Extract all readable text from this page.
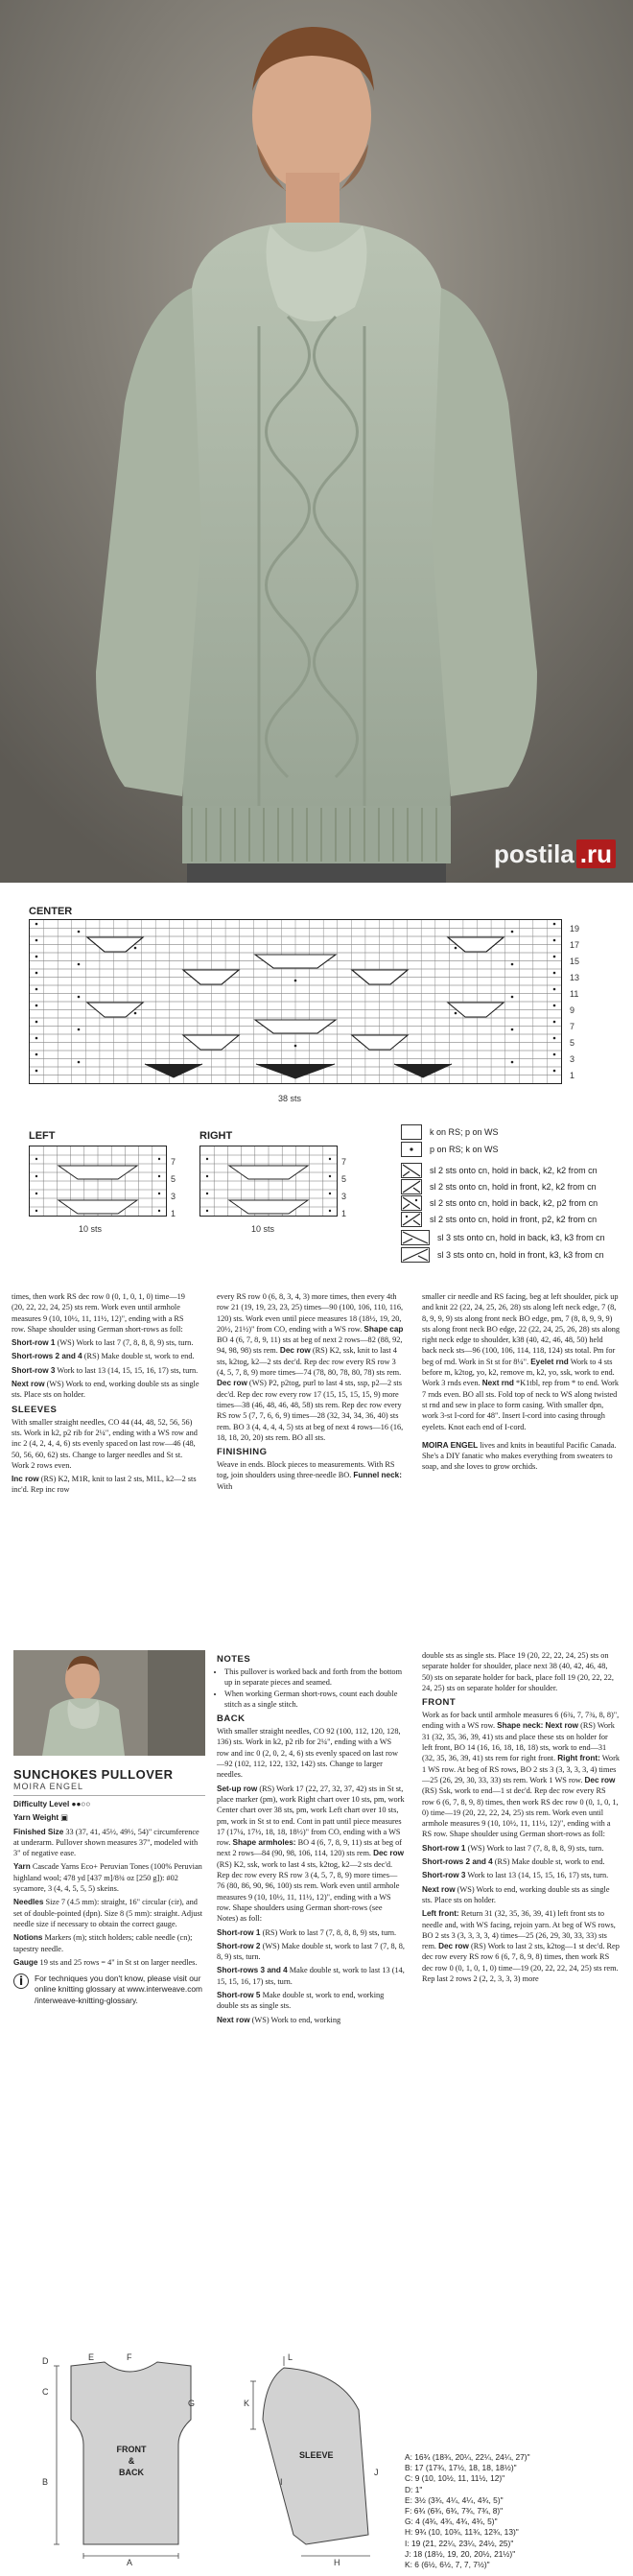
postila .ru
CENTER
19
17
15
13
11
9
7
5
3
1
38 sts
LEFT	RIGHT
7
5
3
1
7
5
3
1
10 sts	10 sts
k on RS; p on WS
p on RS; k on WS
sl 2 sts onto cn, hold in back, k2, k2 from cn
sl 2 sts onto cn, hold in front, k2, k2 from cn
sl 2 sts onto cn, hold in back, k2, p2 from cn
sl 2 sts onto cn, hold in front, p2, k2 from cn
sl 3 sts onto cn, hold in back, k3, k3 from cn
sl 3 sts onto cn, hold in front, k3, k3 from cn

times, then work RS dec row 0 (0, 1, 0, 1, 0) time—19 (20, 22, 22, 24, 25) sts rem. Work even until armhole measures 9 (10, 10½, 11, 11½, 12)", ending with a RS row. Shape shoulder using German short-rows as foll:

Short-row 1 (WS) Work to last 7 (7, 8, 8, 8, 9) sts, turn.

Short-rows 2 and 4 (RS) Make double st, work to end.

Short-row 3 Work to last 13 (14, 15, 15, 16, 17) sts, turn.

Next row (WS) Work to end, working double sts as single sts. Place sts on holder.

SLEEVES

With smaller straight needles, CO 44 (44, 48, 52, 56, 56) sts. Work in k2, p2 rib for 2¼", ending with a WS row and inc 2 (4, 2, 4, 4, 6) sts evenly spaced on last row—46 (48, 50, 56, 60, 62) sts. Change to larger needles and St st. Work 2 rows even.

Inc row (RS) K2, M1R, knit to last 2 sts, M1L, k2—2 sts inc'd. Rep inc row

every RS row 0 (6, 8, 3, 4, 3) more times, then every 4th row 21 (19, 19, 23, 23, 25) times—90 (100, 106, 110, 116, 120) sts. Work even until piece measures 18 (18½, 19, 20, 20½, 21½)" from CO, ending with a WS row. Shape cap BO 4 (6, 7, 8, 9, 11) sts at beg of next 2 rows—82 (88, 92, 94, 98, 98) sts rem. Dec row (RS) K2, ssk, knit to last 4 sts, k2tog, k2—2 sts dec'd. Rep dec row every RS row 3 (4, 5, 7, 8, 9) more times—74 (78, 80, 78, 80, 78) sts rem. Dec row (WS) P2, p2tog, purl to last 4 sts, ssp, p2—2 sts dec'd. Rep dec row every row 17 (15, 15, 15, 15, 9) more times—38 (46, 48, 46, 48, 58) sts rem. Rep dec row every RS row 5 (7, 7, 6, 6, 9) times—28 (32, 34, 34, 36, 40) sts rem. BO 3 (4, 4, 4, 4, 5) sts at beg of next 4 rows—16 (16, 18, 18, 20, 20) sts rem. BO all sts.

FINISHING

Weave in ends. Block pieces to measurements. With RS tog, join shoulders using three-needle BO. Funnel neck: With

smaller cir needle and RS facing, beg at left shoulder, pick up and knit 22 (22, 24, 25, 26, 28) sts along left neck edge, 7 (8, 8, 9, 9, 9) sts along front neck BO edge, pm, 7 (8, 8, 9, 9, 9) sts along front neck BO edge, 22 (22, 24, 25, 26, 28) sts along right neck edge to shoulder, k38 (40, 42, 46, 48, 50) held back neck sts—96 (100, 106, 114, 118, 124) sts total. Pm for beg of rnd. Work in St st for 8¼". Eyelet rnd Work to 4 sts before m, k2tog, yo, k2, remove m, k2, yo, ssk, work to end. Work 3 rnds even. Next rnd *K1tbl, rep from * to end. Work 7 rnds even. BO all sts. Fold top of neck to WS along twisted st rnd and sew in place to form casing. With smaller dpn, work 3-st I-cord for 48". Insert I-cord into casing through eyelets. Knot each end of I-cord.

MOIRA ENGEL lives and knits in beautiful Pacific Canada. She's a DIY fanatic who makes everything from sweaters to soap, and she loves to grow orchids.

SUNCHOKES PULLOVER
MOIRA ENGEL

Difficulty Level ●●○○

Yarn Weight ▣

Finished Size 33 (37, 41, 45½, 49½, 54)" circumference at underarm. Pullover shown measures 37", modeled with 3" of negative ease.

Yarn Cascade Yarns Eco+ Peruvian Tones (100% Peruvian highland wool; 478 yd [437 m]/8¾ oz [250 g]): #02 sycamore, 3 (4, 4, 5, 5, 5) skeins.

Needles Size 7 (4.5 mm): straight, 16" circular (cir), and set of double-pointed (dpn). Size 8 (5 mm): straight. Adjust needle size if necessary to obtain the correct gauge.

Notions Markers (m); stitch holders; cable needle (cn); tapestry needle.

Gauge 19 sts and 25 rows = 4" in St st on larger needles.

i	For techniques you don't know, please visit our online knitting glossary at www.interweave.com /interweave-knitting-glossary.
NOTES
• This pullover is worked back and forth from the bottom up in separate pieces and seamed.
• When working German short-rows, count each double stitch as a single stitch.
BACK

With smaller straight needles, CO 92 (100, 112, 120, 128, 136) sts. Work in k2, p2 rib for 2¼", ending with a WS row and inc 0 (2, 0, 2, 4, 6) sts evenly spaced on last row—92 (102, 112, 122, 132, 142) sts. Change to larger needles.

Set-up row (RS) Work 17 (22, 27, 32, 37, 42) sts in St st, place marker (pm), work Right chart over 10 sts, pm, work Center chart over 38 sts, pm, work Left chart over 10 sts, pm, work in St st to end. Cont in patt until piece measures 17 (17¼, 17½, 18, 18, 18½)" from CO, ending with a WS row. Shape armholes: BO 4 (6, 7, 8, 9, 11) sts at beg of next 2 rows—84 (90, 98, 106, 114, 120) sts rem. Dec row (RS) K2, ssk, work to last 4 sts, k2tog, k2—2 sts dec'd. Rep dec row every RS row 3 (4, 5, 7, 8, 9) more times—76 (80, 86, 90, 96, 100) sts rem. Work even until armhole measures 9 (10, 10½, 11, 11½, 12)", ending with a WS row. Shape shoulders using German short-rows (see Notes) as foll:

Short-row 1 (RS) Work to last 7 (7, 8, 8, 8, 9) sts, turn.

Short-row 2 (WS) Make double st, work to last 7 (7, 8, 8, 8, 9) sts, turn.

Short-rows 3 and 4 Make double st, work to last 13 (14, 15, 15, 16, 17) sts, turn.

Short-row 5 Make double st, work to end, working double sts as single sts.

Next row (WS) Work to end, working

double sts as single sts. Place 19 (20, 22, 22, 24, 25) sts on separate holder for shoulder, place next 38 (40, 42, 46, 48, 50) sts on separate holder for back, place foll 19 (20, 22, 22, 24, 25) sts on separate holder for shoulder.

FRONT

Work as for back until armhole measures 6 (6¾, 7, 7¾, 8, 8)", ending with a WS row. Shape neck: Next row (RS) Work 31 (32, 35, 36, 39, 41) sts and place these sts on holder for left front, BO 14 (16, 16, 18, 18, 18) sts, work to end—31 (32, 35, 36, 39, 41) sts rem for right front. Right front: Work 1 WS row. At beg of RS rows, BO 2 sts 3 (3, 3, 3, 3, 4) times—25 (26, 29, 30, 33, 33) sts rem. Work 1 WS row. Dec row (RS) Ssk, work to end—1 st dec'd. Rep dec row every RS row 6 (6, 7, 8, 9, 8) times, then work RS dec row 0 (0, 1, 0, 1, 0) time—19 (20, 22, 22, 24, 25) sts rem. Work even until armhole measures 9 (10, 10½, 11, 11½, 12)", ending with a RS row. Shape shoulder using German short-rows as foll:

Short-row 1 (WS) Work to last 7 (7, 8, 8, 8, 9) sts, turn.

Short-rows 2 and 4 (RS) Make double st, work to end.

Short-row 3 Work to last 13 (14, 15, 15, 16, 17) sts, turn.

Next row (WS) Work to end, working double sts as single sts. Place sts on holder.

Left front: Return 31 (32, 35, 36, 39, 41) left front sts to needle and, with WS facing, rejoin yarn. At beg of WS rows, BO 2 sts 3 (3, 3, 3, 3, 4) times—25 (26, 29, 30, 33, 33) sts rem. Dec row (RS) Work to last 2 sts, k2tog—1 st dec'd. Rep dec row every RS row 6 (6, 7, 8, 9, 8) times, then work RS dec row 0 (0, 1, 0, 1, 0) time—19 (20, 22, 22, 24, 25) sts rem. Rep last 2 rows 2 (2, 2, 3, 3, 3) more

FRONT
&
BACK
SLEEVE
D
C
B
E	F
G
A
K
I
J
H
L
A: 16¾ (18¾, 20¼, 22¼, 24¼, 27)"
B: 17 (17¾, 17½, 18, 18, 18½)"
C: 9 (10, 10½, 11, 11½, 12)"
D: 1"
E: 3½ (3¾, 4¼, 4¼, 4¾, 5)"
F: 6¾ (6¾, 6¾, 7¾, 7¾, 8)"
G: 4 (4¾, 4¾, 4¾, 4¾, 5)"
H: 9¾ (10, 10¾, 11¾, 12¾, 13)"
I: 19 (21, 22¼, 23¼, 24½, 25)"
J: 18 (18½, 19, 20, 20½, 21½)"
K: 6 (6½, 6½, 7, 7, 7½)"
